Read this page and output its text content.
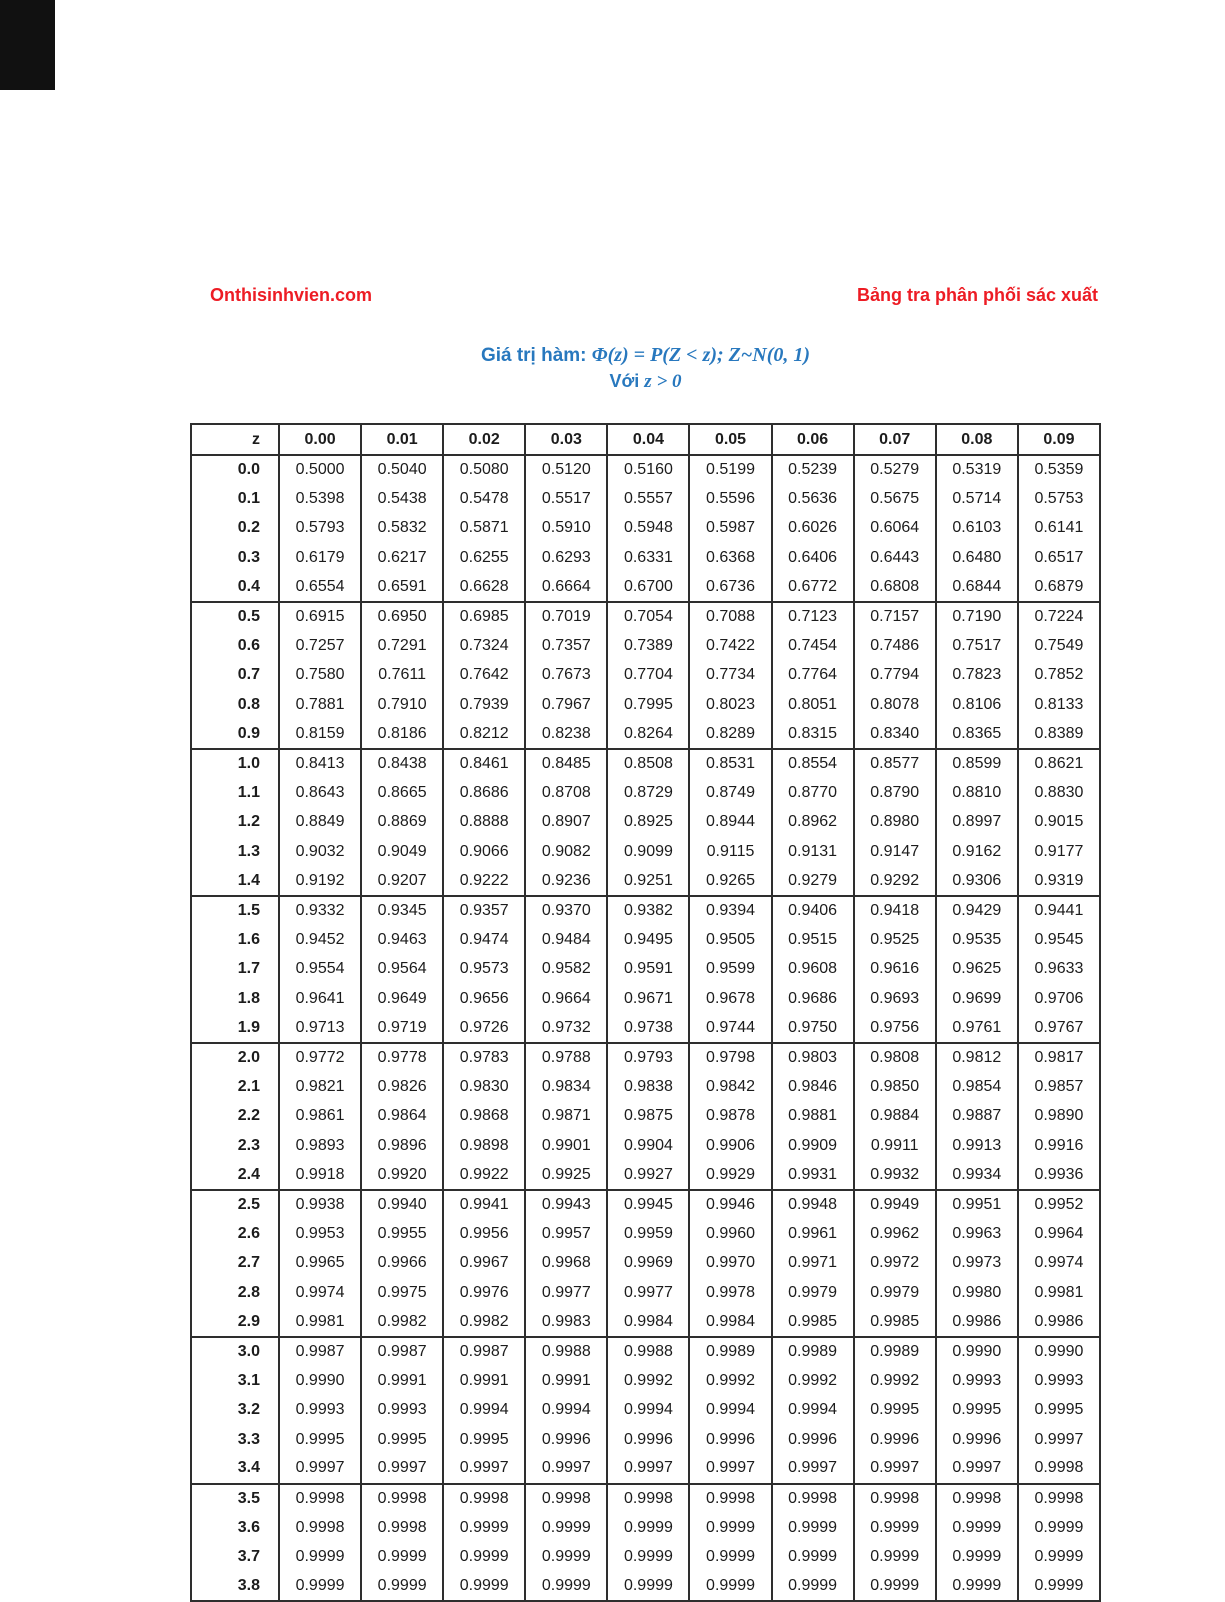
Onthisinhvien.com	Bảng tra phân phối sác xuất
Giá trị hàm: Φ(z) = P(Z < z); Z~N(0, 1)
Với z > 0
z	0.00	0.01	0.02	0.03	0.04	0.05	0.06	0.07	0.08	0.09
0.0	0.5000	0.5040	0.5080	0.5120	0.5160	0.5199	0.5239	0.5279	0.5319	0.5359
0.1	0.5398	0.5438	0.5478	0.5517	0.5557	0.5596	0.5636	0.5675	0.5714	0.5753
0.2	0.5793	0.5832	0.5871	0.5910	0.5948	0.5987	0.6026	0.6064	0.6103	0.6141
0.3	0.6179	0.6217	0.6255	0.6293	0.6331	0.6368	0.6406	0.6443	0.6480	0.6517
0.4	0.6554	0.6591	0.6628	0.6664	0.6700	0.6736	0.6772	0.6808	0.6844	0.6879
0.5	0.6915	0.6950	0.6985	0.7019	0.7054	0.7088	0.7123	0.7157	0.7190	0.7224
0.6	0.7257	0.7291	0.7324	0.7357	0.7389	0.7422	0.7454	0.7486	0.7517	0.7549
0.7	0.7580	0.7611	0.7642	0.7673	0.7704	0.7734	0.7764	0.7794	0.7823	0.7852
0.8	0.7881	0.7910	0.7939	0.7967	0.7995	0.8023	0.8051	0.8078	0.8106	0.8133
0.9	0.8159	0.8186	0.8212	0.8238	0.8264	0.8289	0.8315	0.8340	0.8365	0.8389
1.0	0.8413	0.8438	0.8461	0.8485	0.8508	0.8531	0.8554	0.8577	0.8599	0.8621
1.1	0.8643	0.8665	0.8686	0.8708	0.8729	0.8749	0.8770	0.8790	0.8810	0.8830
1.2	0.8849	0.8869	0.8888	0.8907	0.8925	0.8944	0.8962	0.8980	0.8997	0.9015
1.3	0.9032	0.9049	0.9066	0.9082	0.9099	0.9115	0.9131	0.9147	0.9162	0.9177
1.4	0.9192	0.9207	0.9222	0.9236	0.9251	0.9265	0.9279	0.9292	0.9306	0.9319
1.5	0.9332	0.9345	0.9357	0.9370	0.9382	0.9394	0.9406	0.9418	0.9429	0.9441
1.6	0.9452	0.9463	0.9474	0.9484	0.9495	0.9505	0.9515	0.9525	0.9535	0.9545
1.7	0.9554	0.9564	0.9573	0.9582	0.9591	0.9599	0.9608	0.9616	0.9625	0.9633
1.8	0.9641	0.9649	0.9656	0.9664	0.9671	0.9678	0.9686	0.9693	0.9699	0.9706
1.9	0.9713	0.9719	0.9726	0.9732	0.9738	0.9744	0.9750	0.9756	0.9761	0.9767
2.0	0.9772	0.9778	0.9783	0.9788	0.9793	0.9798	0.9803	0.9808	0.9812	0.9817
2.1	0.9821	0.9826	0.9830	0.9834	0.9838	0.9842	0.9846	0.9850	0.9854	0.9857
2.2	0.9861	0.9864	0.9868	0.9871	0.9875	0.9878	0.9881	0.9884	0.9887	0.9890
2.3	0.9893	0.9896	0.9898	0.9901	0.9904	0.9906	0.9909	0.9911	0.9913	0.9916
2.4	0.9918	0.9920	0.9922	0.9925	0.9927	0.9929	0.9931	0.9932	0.9934	0.9936
2.5	0.9938	0.9940	0.9941	0.9943	0.9945	0.9946	0.9948	0.9949	0.9951	0.9952
2.6	0.9953	0.9955	0.9956	0.9957	0.9959	0.9960	0.9961	0.9962	0.9963	0.9964
2.7	0.9965	0.9966	0.9967	0.9968	0.9969	0.9970	0.9971	0.9972	0.9973	0.9974
2.8	0.9974	0.9975	0.9976	0.9977	0.9977	0.9978	0.9979	0.9979	0.9980	0.9981
2.9	0.9981	0.9982	0.9982	0.9983	0.9984	0.9984	0.9985	0.9985	0.9986	0.9986
3.0	0.9987	0.9987	0.9987	0.9988	0.9988	0.9989	0.9989	0.9989	0.9990	0.9990
3.1	0.9990	0.9991	0.9991	0.9991	0.9992	0.9992	0.9992	0.9992	0.9993	0.9993
3.2	0.9993	0.9993	0.9994	0.9994	0.9994	0.9994	0.9994	0.9995	0.9995	0.9995
3.3	0.9995	0.9995	0.9995	0.9996	0.9996	0.9996	0.9996	0.9996	0.9996	0.9997
3.4	0.9997	0.9997	0.9997	0.9997	0.9997	0.9997	0.9997	0.9997	0.9997	0.9998
3.5	0.9998	0.9998	0.9998	0.9998	0.9998	0.9998	0.9998	0.9998	0.9998	0.9998
3.6	0.9998	0.9998	0.9999	0.9999	0.9999	0.9999	0.9999	0.9999	0.9999	0.9999
3.7	0.9999	0.9999	0.9999	0.9999	0.9999	0.9999	0.9999	0.9999	0.9999	0.9999
3.8	0.9999	0.9999	0.9999	0.9999	0.9999	0.9999	0.9999	0.9999	0.9999	0.9999
